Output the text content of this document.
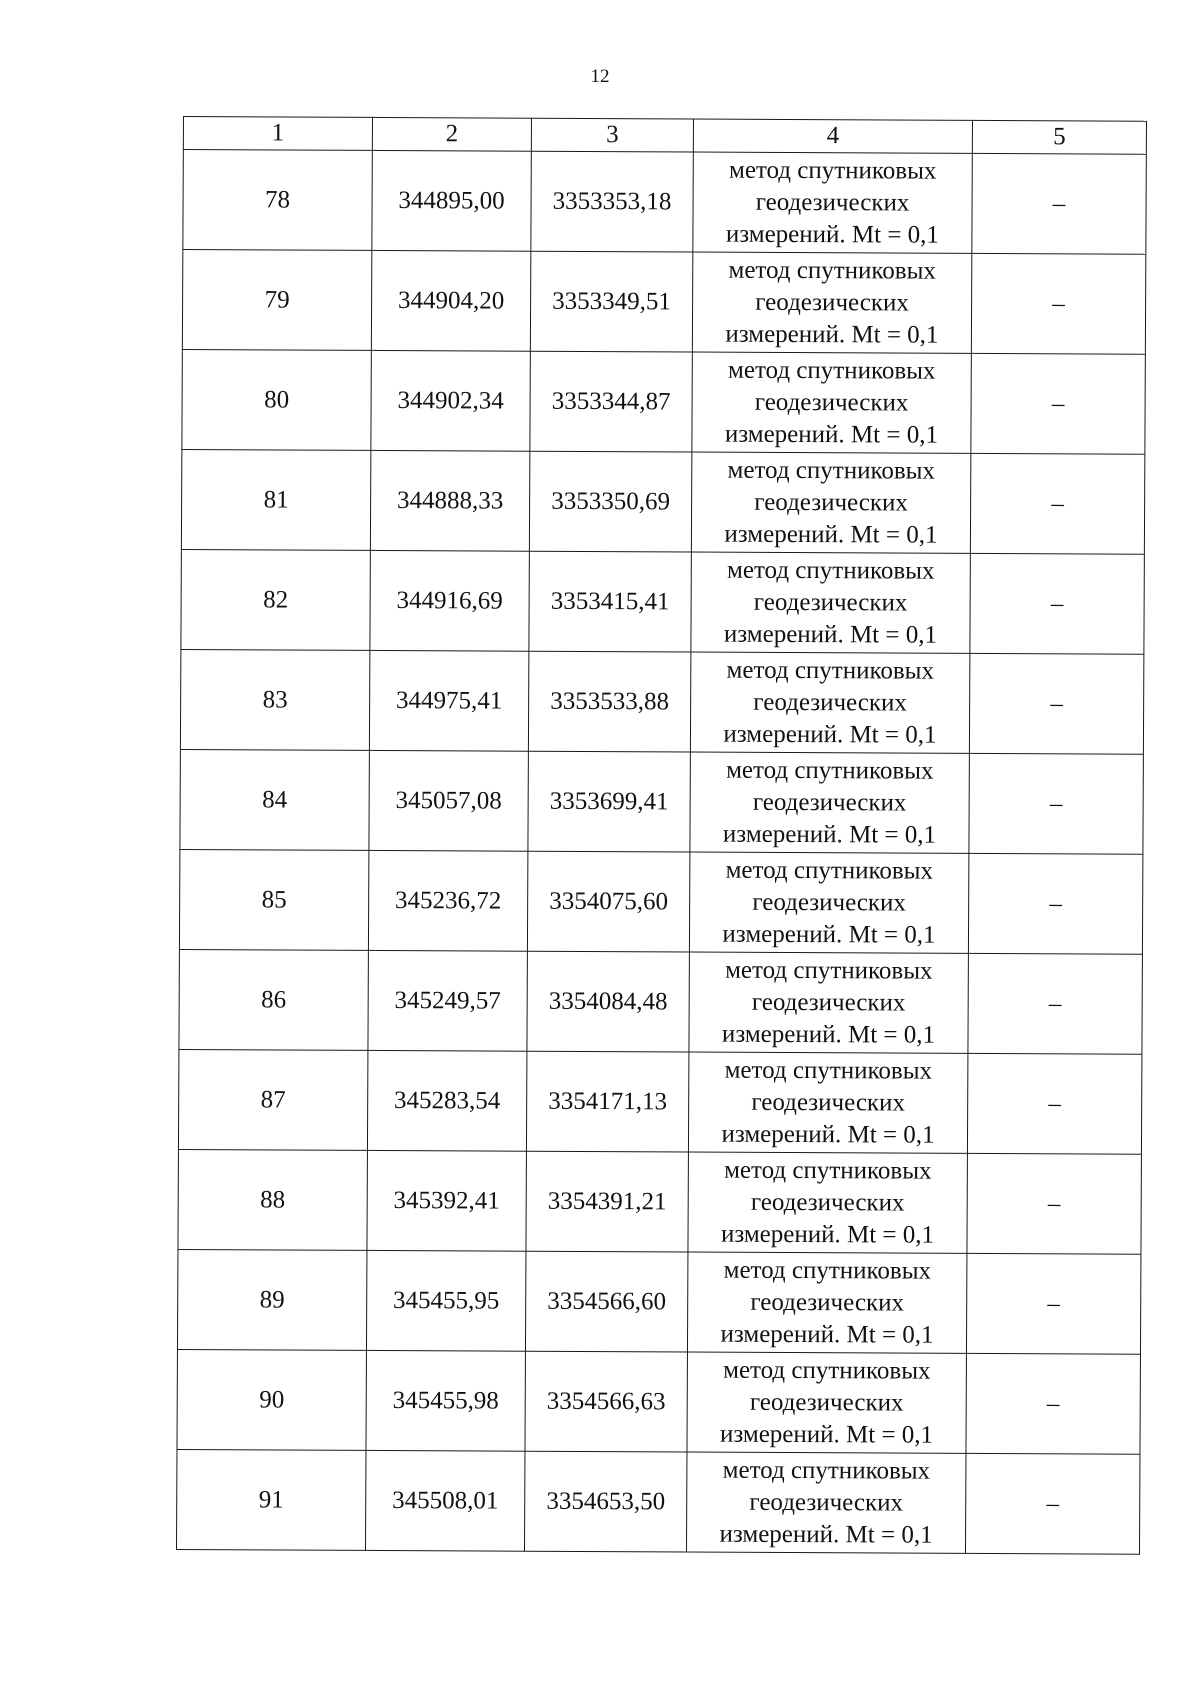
12
1	2	3	4	5
78	344895,00	3353353,18	метод спутниковых
геодезических
измерений. Mt = 0,1	–
79	344904,20	3353349,51	метод спутниковых
геодезических
измерений. Mt = 0,1	–
80	344902,34	3353344,87	метод спутниковых
геодезических
измерений. Mt = 0,1	–
81	344888,33	3353350,69	метод спутниковых
геодезических
измерений. Mt = 0,1	–
82	344916,69	3353415,41	метод спутниковых
геодезических
измерений. Mt = 0,1	–
83	344975,41	3353533,88	метод спутниковых
геодезических
измерений. Mt = 0,1	–
84	345057,08	3353699,41	метод спутниковых
геодезических
измерений. Mt = 0,1	–
85	345236,72	3354075,60	метод спутниковых
геодезических
измерений. Mt = 0,1	–
86	345249,57	3354084,48	метод спутниковых
геодезических
измерений. Mt = 0,1	–
87	345283,54	3354171,13	метод спутниковых
геодезических
измерений. Mt = 0,1	–
88	345392,41	3354391,21	метод спутниковых
геодезических
измерений. Mt = 0,1	–
89	345455,95	3354566,60	метод спутниковых
геодезических
измерений. Mt = 0,1	–
90	345455,98	3354566,63	метод спутниковых
геодезических
измерений. Mt = 0,1	–
91	345508,01	3354653,50	метод спутниковых
геодезических
измерений. Mt = 0,1	–
